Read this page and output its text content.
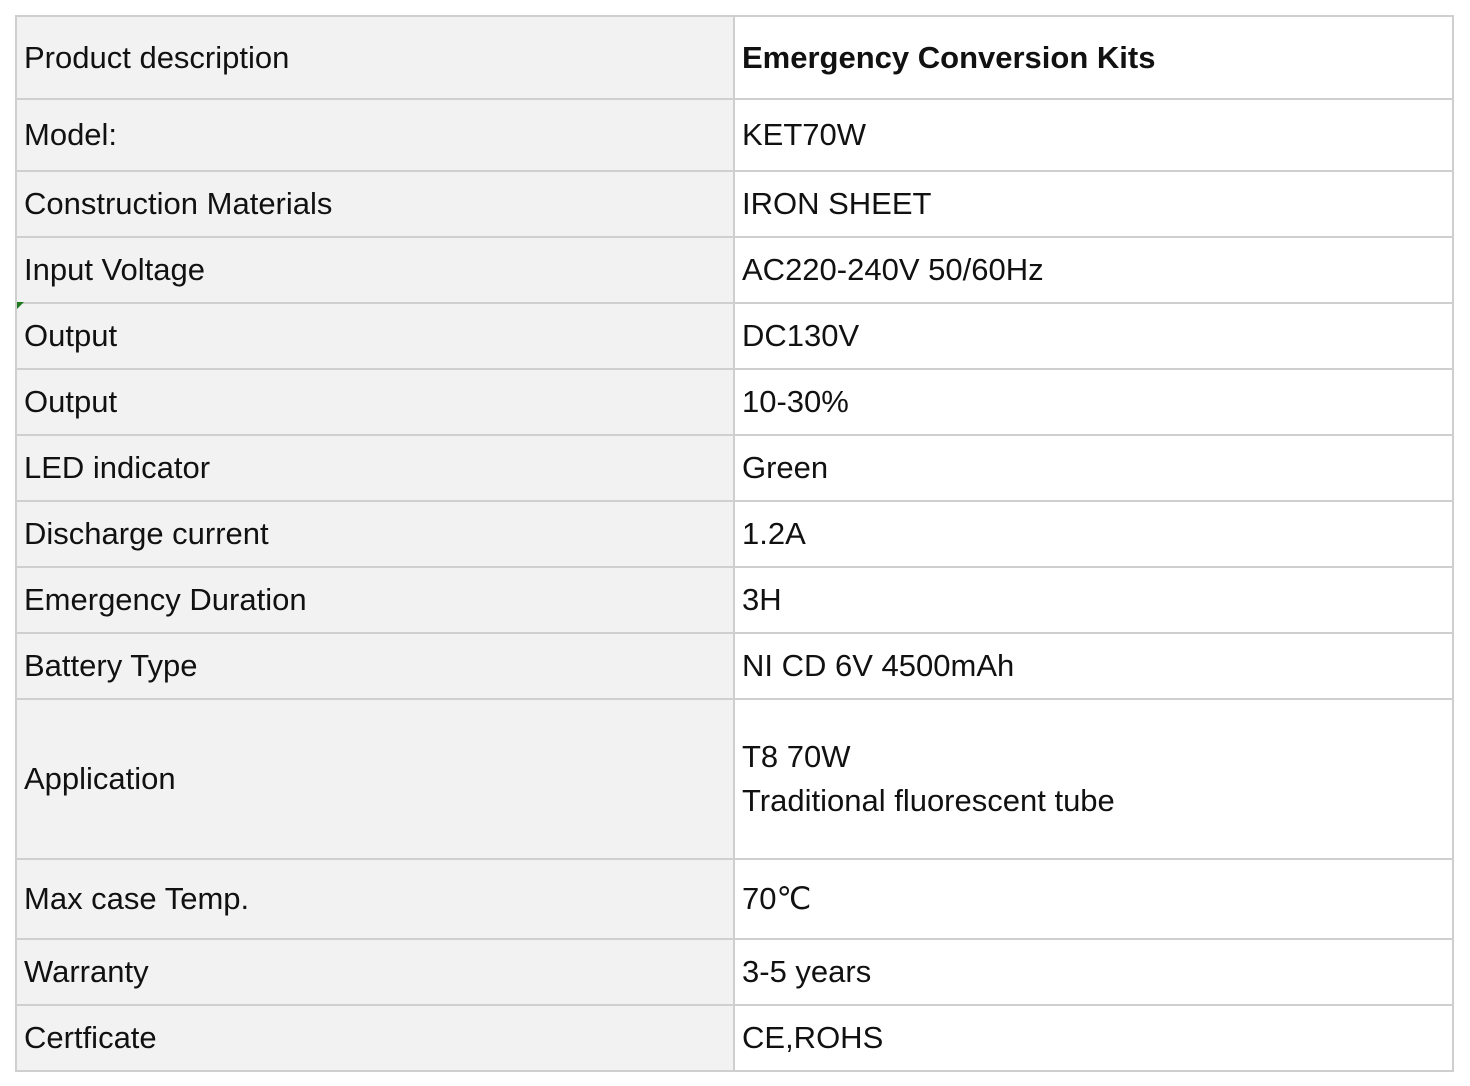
Product description	Emergency Conversion Kits
Model:	KET70W
Construction Materials	IRON SHEET
Input Voltage	AC220-240V 50/60Hz
Output	DC130V
Output	10-30%
LED indicator	Green
Discharge current	1.2A
Emergency Duration	3H
Battery Type	NI CD 6V 4500mAh
Application	T8 70W
Traditional fluorescent tube

Max case Temp.	70℃
Warranty	3-5 years
Certficate	CE,ROHS
